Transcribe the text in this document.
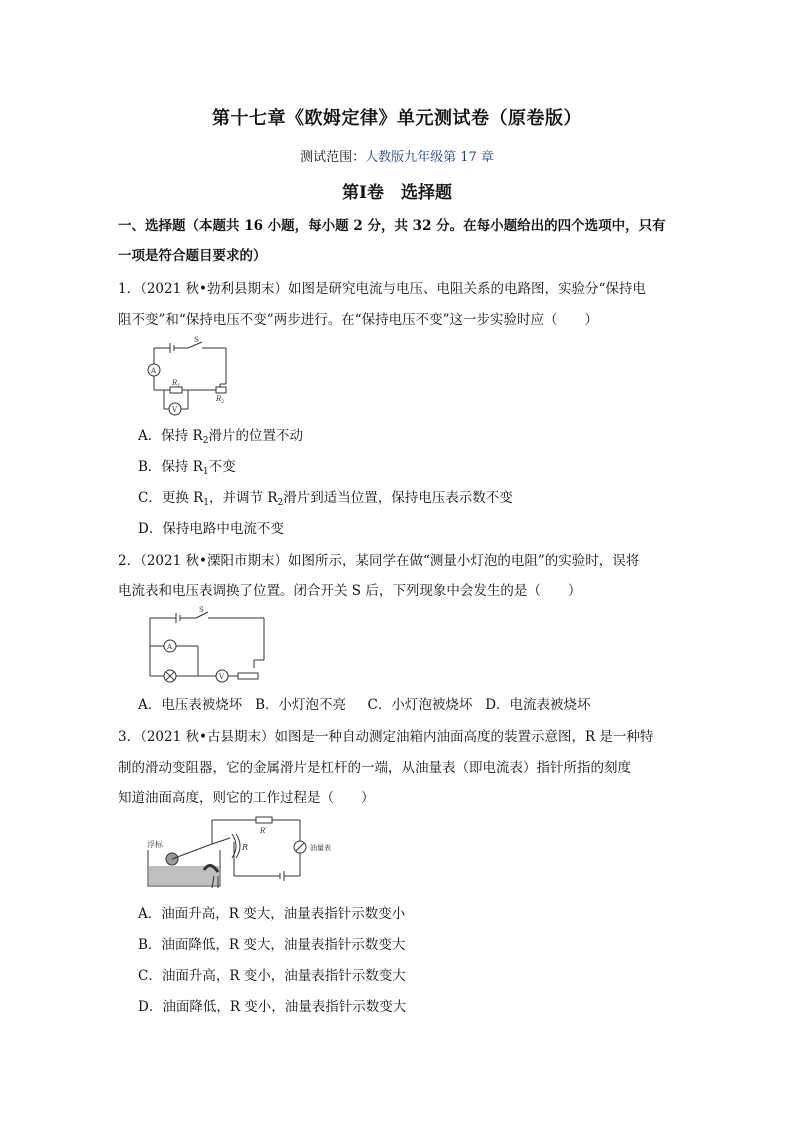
第十七章《欧姆定律》单元测试卷（原卷版）
测试范围：人教版九年级第 17 章
第Ⅰ卷　选择题
一、选择题（本题共 16 小题，每小题 2 分，共 32 分。在每小题给出的四个选项中，只有
一项是符合题目要求的）
1．（2021 秋•勃利县期末）如图是研究电流与电压、电阻关系的电路图，实验分“保持电
阻不变”和“保持电压不变”两步进行。在“保持电压不变”这一步实验时应（　　）
S
A
V
$R_1$
$R_2$
A．保持 $R_2$滑片的位置不动
B．保持 $R_1$不变
C．更换 $R_1$，并调节 $R_2$滑片到适当位置，保持电压表示数不变
D．保持电路中电流不变
2．（2021 秋•溧阳市期末）如图所示，某同学在做“测量小灯泡的电阻”的实验时，误将
电流表和电压表调换了位置。闭合开关 S 后，下列现象中会发生的是（　　）
S
A
V
A．电压表被烧坏 B．小灯泡不亮 C．小灯泡被烧坏 D．电流表被烧坏
3．（2021 秋•古县期末）如图是一种自动测定油箱内油面高度的装置示意图，R 是一种特
制的滑动变阻器，它的金属滑片是杠杆的一端，从油量表（即电流表）指针所指的刻度
知道油面高度，则它的工作过程是（　　）
浮标	R
R′
油量表
A．油面升高，R 变大，油量表指针示数变小
B．油面降低，R 变大，油量表指针示数变大
C．油面升高，R 变小，油量表指针示数变大
D．油面降低，R 变小，油量表指针示数变大
